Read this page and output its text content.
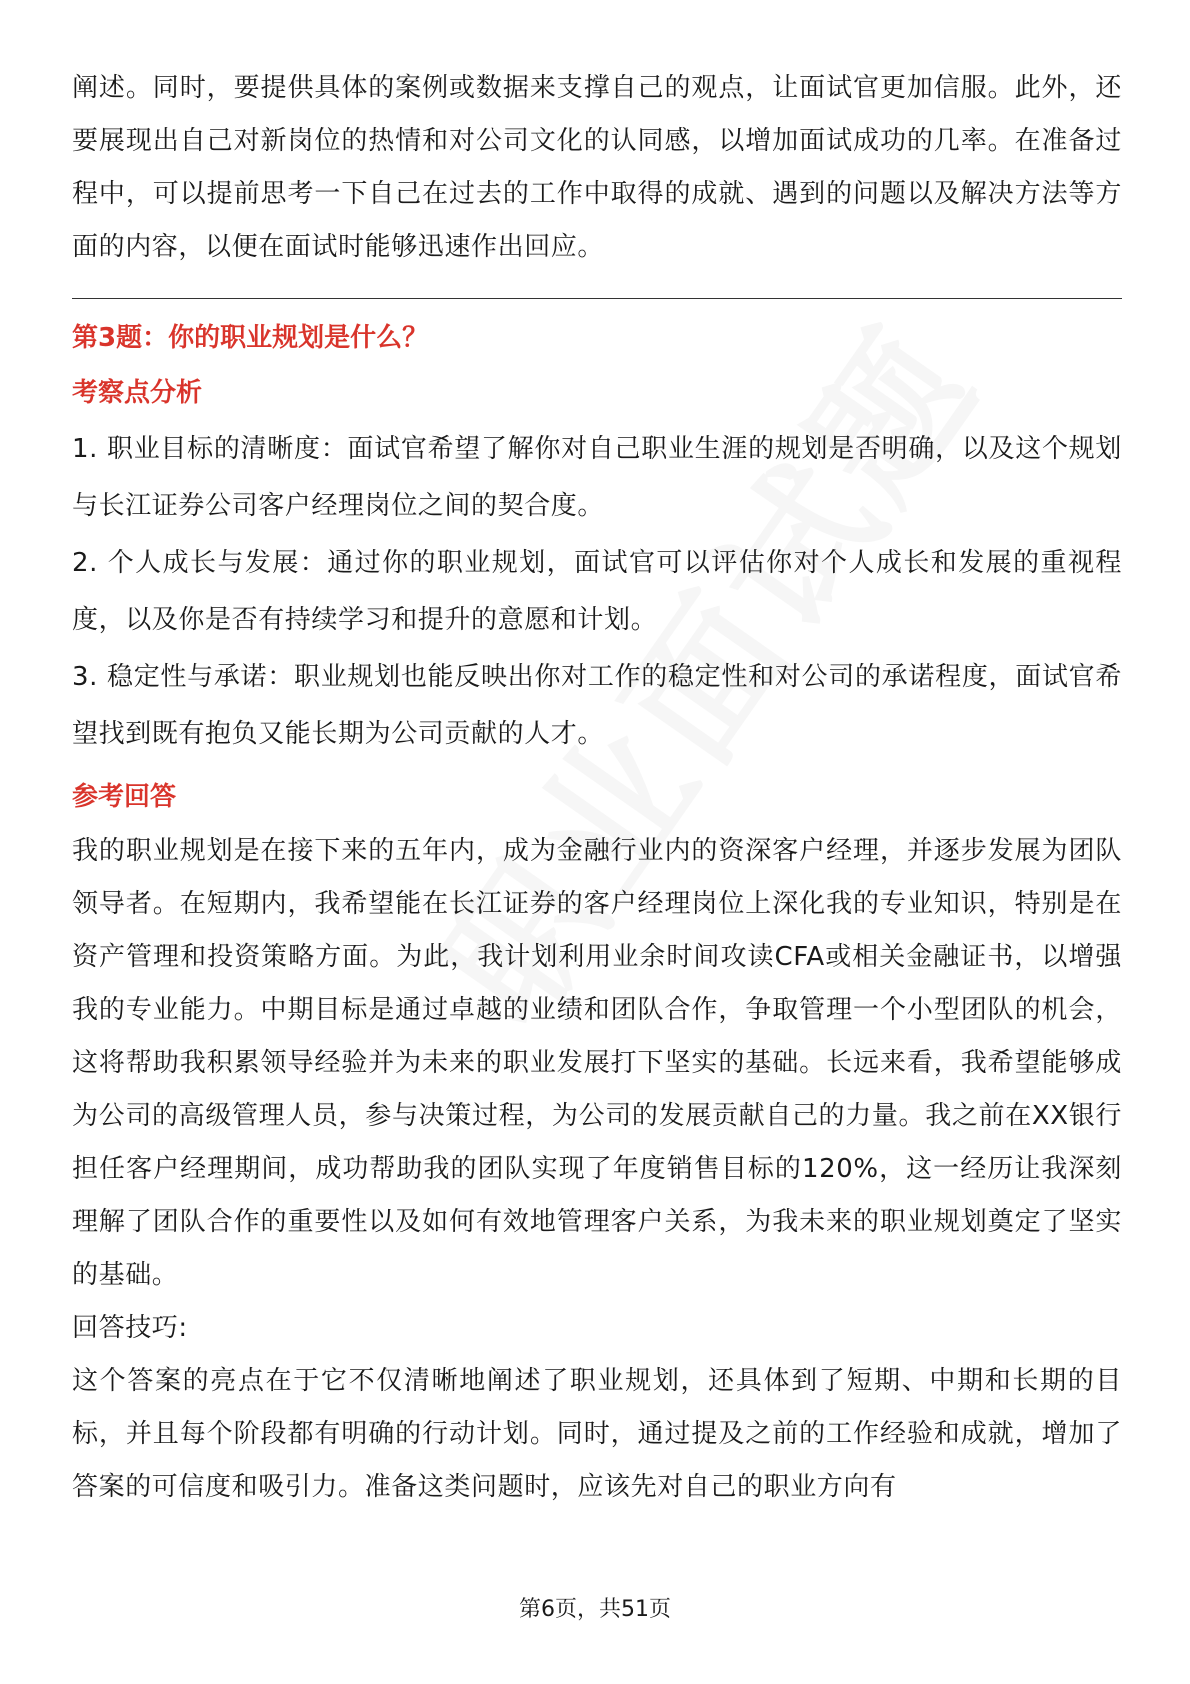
阐述。同时，要提供具体的案例或数据来支撑自己的观点，让面试官更加信服。此外，还要展现出自己对新岗位的热情和对公司文化的认同感，以增加面试成功的几率。在准备过程中，可以提前思考一下自己在过去的工作中取得的成就、遇到的问题以及解决方法等方面的内容，以便在面试时能够迅速作出回应。

第3题：你的职业规划是什么？

考察点分析

1. 职业目标的清晰度：面试官希望了解你对自己职业生涯的规划是否明确，以及这个规划与长江证券公司客户经理岗位之间的契合度。

2. 个人成长与发展：通过你的职业规划，面试官可以评估你对个人成长和发展的重视程度，以及你是否有持续学习和提升的意愿和计划。

3. 稳定性与承诺：职业规划也能反映出你对工作的稳定性和对公司的承诺程度，面试官希望找到既有抱负又能长期为公司贡献的人才。

参考回答

我的职业规划是在接下来的五年内，成为金融行业内的资深客户经理，并逐步发展为团队领导者。在短期内，我希望能在长江证券的客户经理岗位上深化我的专业知识，特别是在资产管理和投资策略方面。为此，我计划利用业余时间攻读CFA或相关金融证书，以增强我的专业能力。中期目标是通过卓越的业绩和团队合作，争取管理一个小型团队的机会，这将帮助我积累领导经验并为未来的职业发展打下坚实的基础。长远来看，我希望能够成为公司的高级管理人员，参与决策过程，为公司的发展贡献自己的力量。我之前在XX银行担任客户经理期间，成功帮助我的团队实现了年度销售目标的120%，这一经历让我深刻理解了团队合作的重要性以及如何有效地管理客户关系，为我未来的职业规划奠定了坚实的基础。

回答技巧:

这个答案的亮点在于它不仅清晰地阐述了职业规划，还具体到了短期、中期和长期的目标，并且每个阶段都有明确的行动计划。同时，通过提及之前的工作经验和成就，增加了答案的可信度和吸引力。准备这类问题时，应该先对自己的职业方向有

第6页，共51页
